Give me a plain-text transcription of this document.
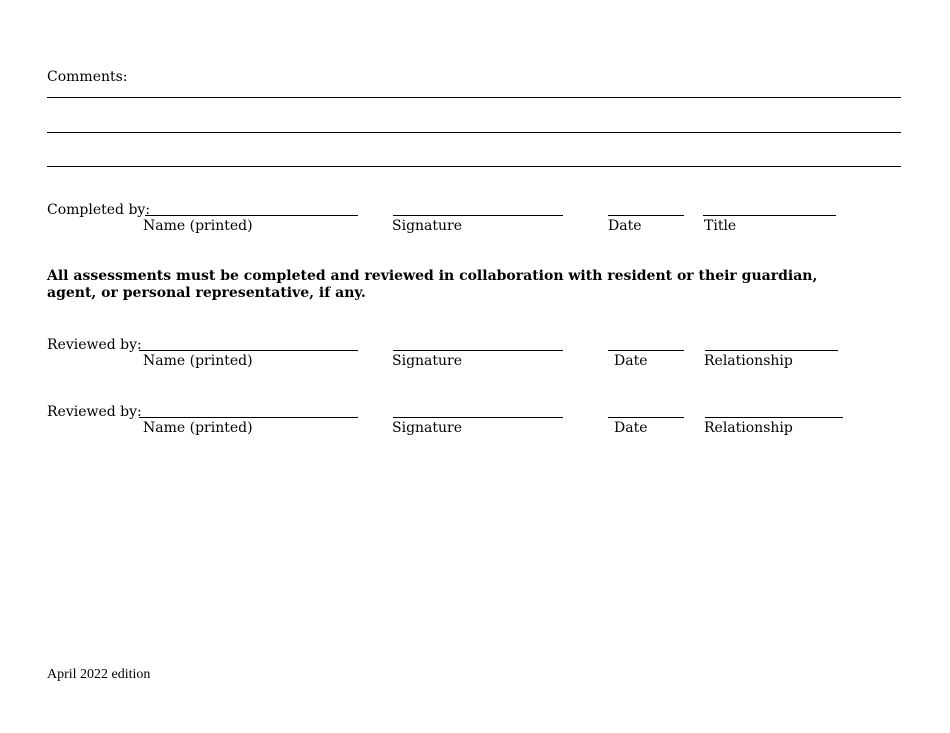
Comments:
Completed by:
Name (printed)	Signature	Date	Title
All assessments must be completed and reviewed in collaboration with resident or their guardian, agent, or personal representative, if any.
Reviewed by:
Name (printed)	Signature	Date	Relationship
Reviewed by:
Name (printed)	Signature	Date	Relationship
April 2022 edition
